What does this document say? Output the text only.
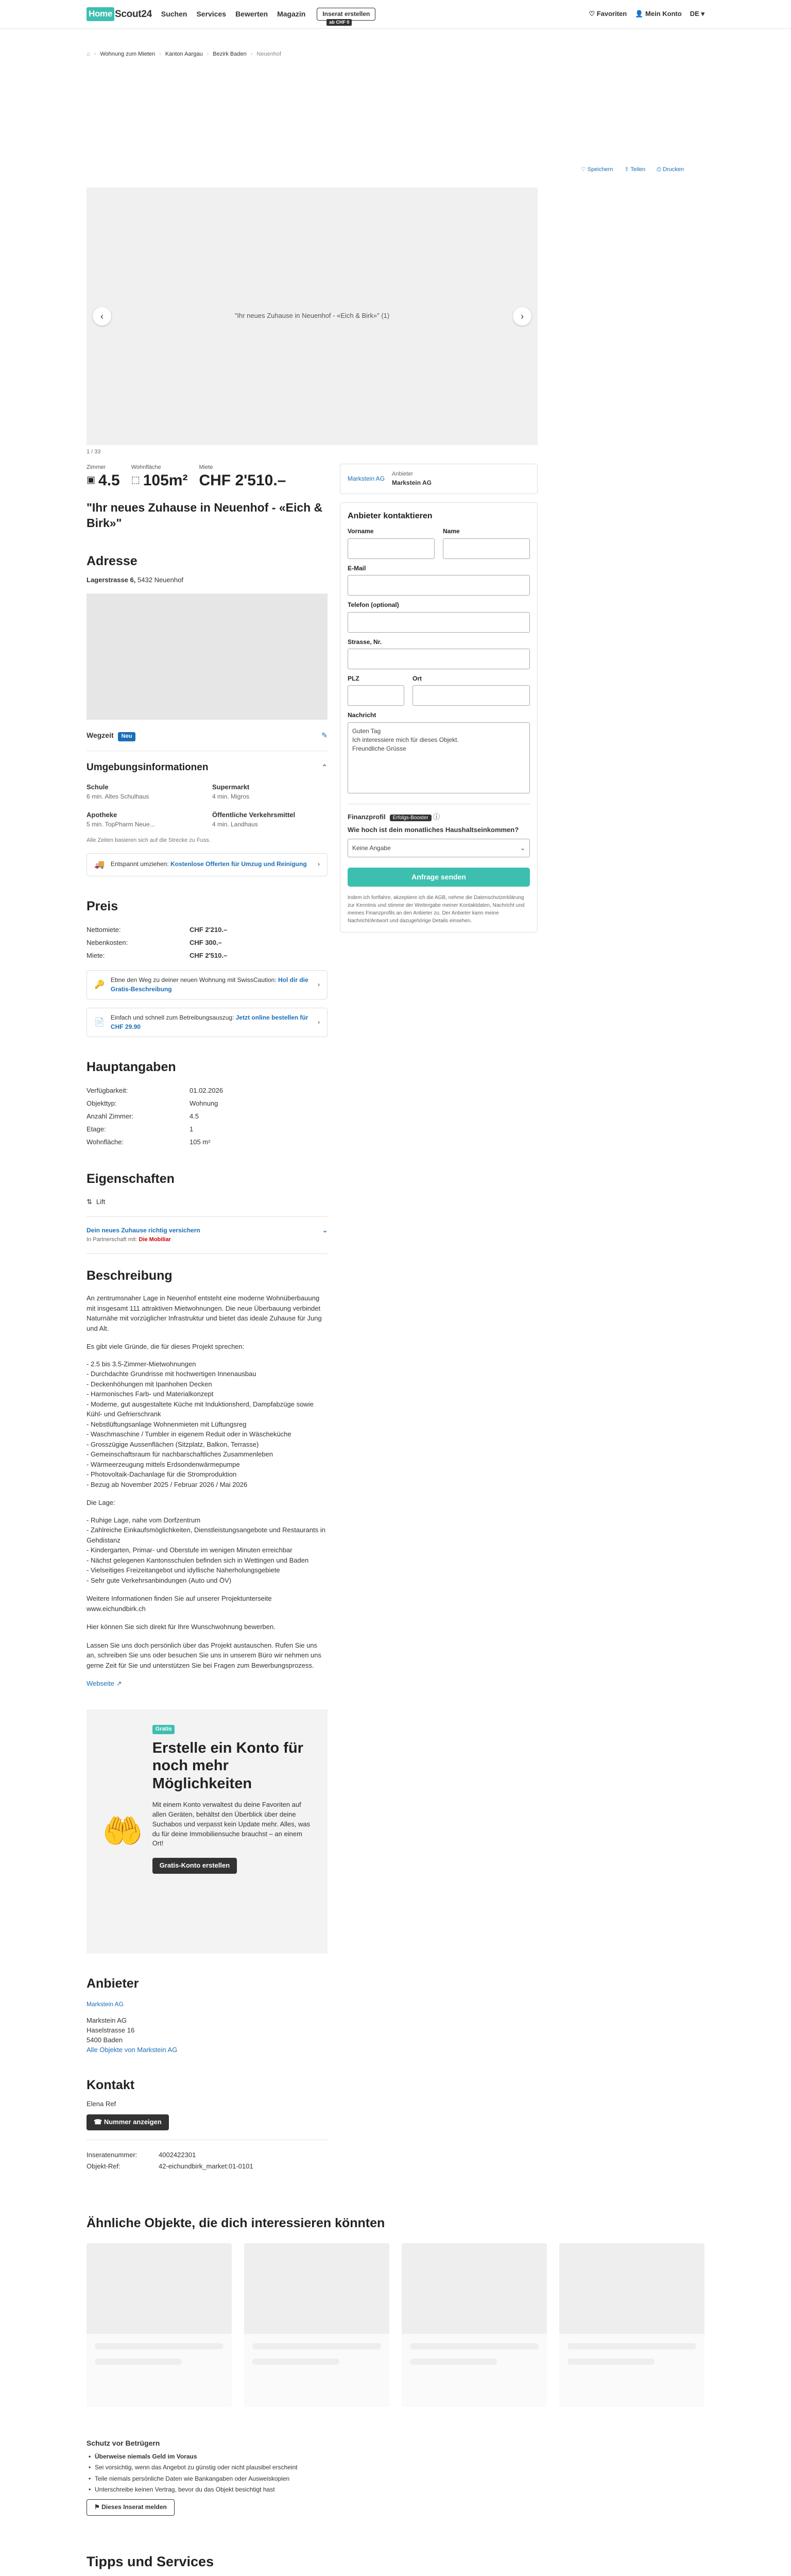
Home Scout24 Suchen Services Bewerten Magazin	Inserat erstellen
ab CHF 0
♡ Favoriten 👤 Mein Konto DE ▾
⌂ › Wohnung zum Mieten › Kanton Aargau › Bezirk Baden › Neuenhof
♡ Speichern ⇪ Teilen ⎙ Drucken
"Ihr neues Zuhause in Neuenhof - «Eich & Birk»" (1)
‹	›
1 / 33
Zimmer
▣ 4.5
Wohnfläche
⬚ 105m²
Miete
CHF 2'510.–
"Ihr neues Zuhause in Neuenhof - «Eich & Birk»"
Adresse
Lagerstrasse 6, 5432 Neuenhof
Wegzeit Neu	✎
Umgebungsinformationen	⌃
Schule
6 min. Altes Schulhaus
Supermarkt
4 min. Migros
Apotheke
5 min. TopPharm Neue...
Öffentliche Verkehrsmittel
4 min. Landhaus
Alle Zeiten basieren sich auf die Strecke zu Fuss.
🚚 Entspannt umziehen: Kostenlose Offerten für Umzug und Reinigung	›
Preis
Nettomiete:	CHF 2'210.–
Nebenkosten:	CHF 300.–
Miete:	CHF 2'510.–
🔑
Ebne den Weg zu deiner neuen Wohnung mit SwissCaution: Hol dir die Gratis-Beschreibung
›
📄
Einfach und schnell zum Betreibungsauszug: Jetzt online bestellen für CHF 29.90
›
Hauptangaben
Verfügbarkeit:	01.02.2026
Objekttyp:	Wohnung
Anzahl Zimmer:	4.5
Etage:	1
Wohnfläche:	105 m²
Eigenschaften
⇅ Lift
Dein neues Zuhause richtig versichern
In Partnerschaft mit: Die Mobiliar
⌄
Beschreibung

An zentrumsnaher Lage in Neuenhof entsteht eine moderne Wohnüberbauung mit insgesamt 111 attraktiven Mietwohnungen. Die neue Überbauung verbindet Naturnähe mit vorzüglicher Infrastruktur und bietet das ideale Zuhause für Jung und Alt.

Es gibt viele Gründe, die für dieses Projekt sprechen:

- 2.5 bis 3.5-Zimmer-Mietwohnungen
- Durchdachte Grundrisse mit hochwertigen Innenausbau
- Deckenhöhungen mit Ipanhohen Decken
- Harmonisches Farb- und Materialkonzept
- Moderne, gut ausgestaltete Küche mit Induktionsherd, Dampfabzüge sowie Kühl- und Gefrierschrank
- Nebstlüftungsanlage Wohnenmieten mit Lüftungsreg
- Waschmaschine / Tumbler in eigenem Reduit oder in Wäscheküche
- Grosszügige Aussenflächen (Sitzplatz, Balkon, Terrasse)
- Gemeinschaftsraum für nachbarschaftliches Zusammenleben
- Wärmeerzeugung mittels Erdsondenwärmepumpe
- Photovoltaik-Dachanlage für die Stromproduktion
- Bezug ab November 2025 / Februar 2026 / Mai 2026

Die Lage:

- Ruhige Lage, nahe vom Dorfzentrum
- Zahlreiche Einkaufsmöglichkeiten, Dienstleistungsangebote und Restaurants in Gehdistanz
- Kindergarten, Primar- und Oberstufe im wenigen Minuten erreichbar
- Nächst gelegenen Kantonsschulen befinden sich in Wettingen und Baden
- Vielseitiges Freizeitangebot und idyllische Naherholungsgebiete
- Sehr gute Verkehrsanbindungen (Auto und ÖV)

Weitere Informationen finden Sie auf unserer Projektunterseite www.eichundbirk.ch

Hier können Sie sich direkt für Ihre Wunschwohnung bewerben.

Lassen Sie uns doch persönlich über das Projekt austauschen. Rufen Sie uns an, schreiben Sie uns oder besuchen Sie uns in unserem Büro wir nehmen uns gerne Zeit für Sie und unterstützen Sie bei Fragen zum Bewerbungsprozess.

Webseite ↗

🤲
Gratis
Erstelle ein Konto für noch mehr Möglichkeiten
Mit einem Konto verwaltest du deine Favoriten auf allen Geräten, behältst den Überblick über deine Suchabos und verpasst kein Update mehr. Alles, was du für deine Immobiliensuche brauchst – an einem Ort!
Gratis-Konto erstellen
Anbieter
Markstein AG
Markstein AG
Haselstrasse 16
5400 Baden
Alle Objekte von Markstein AG
Kontakt
Elena Ref
☎ Nummer anzeigen
Inseratenummer:	4002422301
Objekt-Ref:	42-eichundbirk_market:01-0101
Markstein AG
Anbieter
Markstein AG
Anbieter kontaktieren
Vorname	Name
E-Mail
Telefon (optional)
Strasse, Nr.
PLZ	Ort
Nachricht
Guten Tag
Ich interessiere mich für dieses Objekt.
Freundliche Grüsse
Finanzprofil Erfolgs-Booster ⓘ
Wie hoch ist dein monatliches Haushaltseinkommen?
Keine Angabe	⌄
Anfrage senden
Indem ich fortfahre, akzeptiere ich die AGB, nehme die Datenschutzerklärung zur Kenntnis und stimme der Weitergabe meiner Kontaktdaten, Nachricht und meines Finanzprofils an den Anbieter zu. Der Anbieter kann meine Nachricht/Antwort und dazugehörige Details einsehen.
Ähnliche Objekte, die dich interessieren könnten
Schutz vor Betrügern
• Überweise niemals Geld im Voraus
• Sei vorsichtig, wenn das Angebot zu günstig oder nicht plausibel erscheint
• Teile niemals persönliche Daten wie Bankangaben oder Ausweiskopien
• Unterschreibe keinen Vertrag, bevor du das Objekt besichtigt hast
⚑ Dieses Inserat melden
Tipps und Services
